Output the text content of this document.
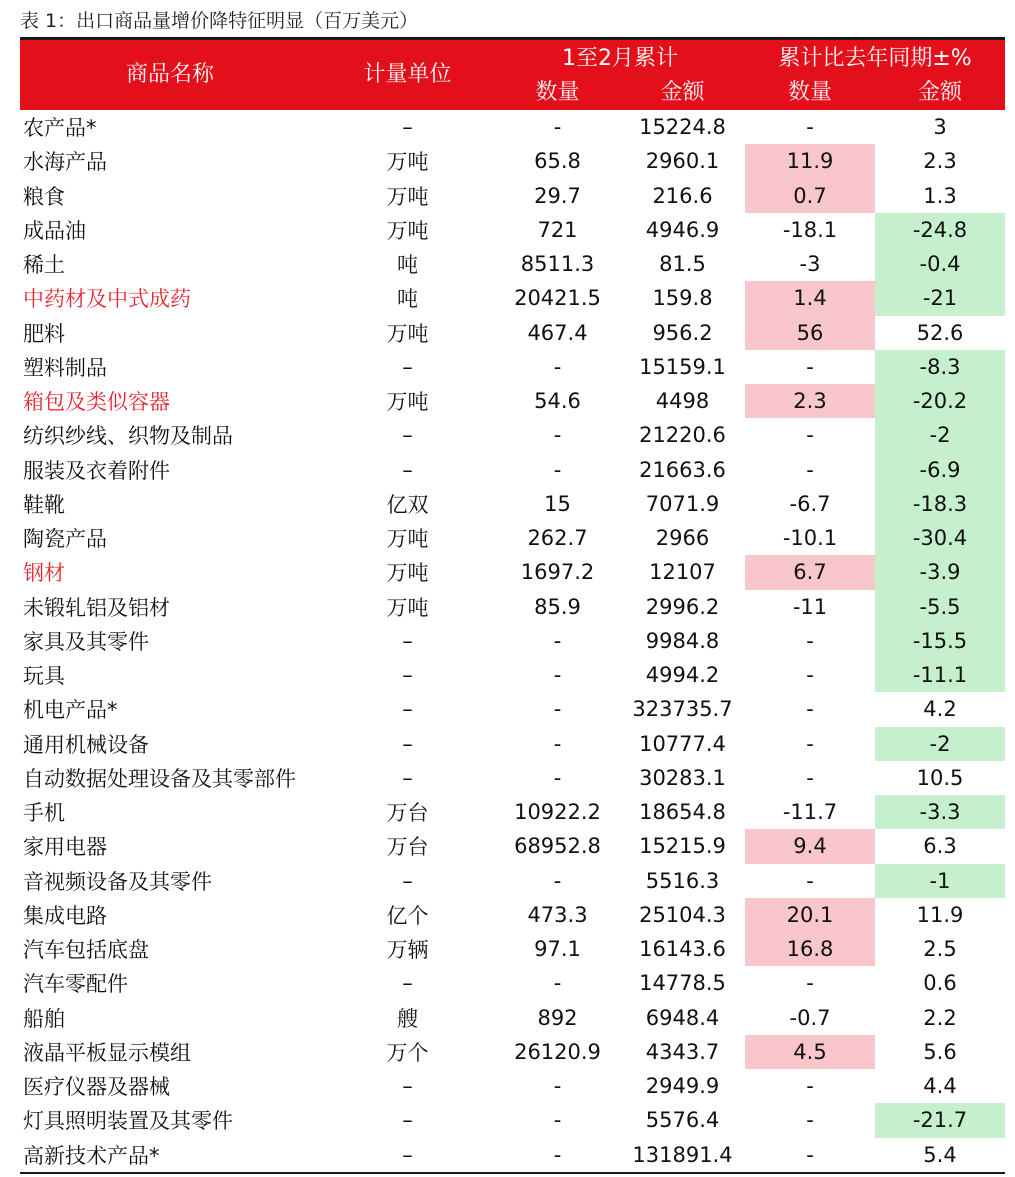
表 1：出口商品量增价降特征明显（百万美元）
商品名称	计量单位
1至2月累计	累计比去年同期±%
数量	金额	数量	金额
农产品*	–	-	15224.8	-	3
水海产品	万吨	65.8	2960.1	11.9	2.3
粮食	万吨	29.7	216.6	0.7	1.3
成品油	万吨	721	4946.9	-18.1	-24.8
稀土	吨	8511.3	81.5	-3	-0.4
中药材及中式成药	吨	20421.5	159.8	1.4	-21
肥料	万吨	467.4	956.2	56	52.6
塑料制品	–	-	15159.1	-	-8.3
箱包及类似容器	万吨	54.6	4498	2.3	-20.2
纺织纱线、织物及制品	–	-	21220.6	-	-2
服装及衣着附件	–	-	21663.6	-	-6.9
鞋靴	亿双	15	7071.9	-6.7	-18.3
陶瓷产品	万吨	262.7	2966	-10.1	-30.4
钢材	万吨	1697.2	12107	6.7	-3.9
未锻轧铝及铝材	万吨	85.9	2996.2	-11	-5.5
家具及其零件	–	-	9984.8	-	-15.5
玩具	–	-	4994.2	-	-11.1
机电产品*	–	-	323735.7	-	4.2
通用机械设备	–	-	10777.4	-	-2
自动数据处理设备及其零部件	–	-	30283.1	-	10.5
手机	万台	10922.2	18654.8	-11.7	-3.3
家用电器	万台	68952.8	15215.9	9.4	6.3
音视频设备及其零件	–	-	5516.3	-	-1
集成电路	亿个	473.3	25104.3	20.1	11.9
汽车包括底盘	万辆	97.1	16143.6	16.8	2.5
汽车零配件	–	-	14778.5	-	0.6
船舶	艘	892	6948.4	-0.7	2.2
液晶平板显示模组	万个	26120.9	4343.7	4.5	5.6
医疗仪器及器械	–	-	2949.9	-	4.4
灯具照明装置及其零件	–	-	5576.4	-	-21.7
高新技术产品*	–	-	131891.4	-	5.4
